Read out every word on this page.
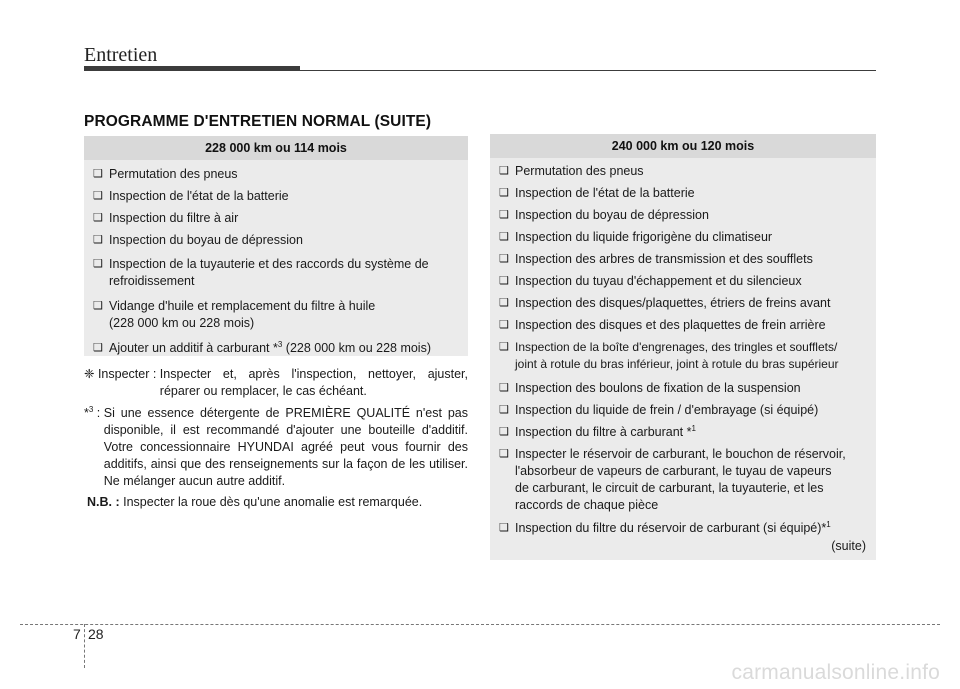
Entretien
PROGRAMME D'ENTRETIEN NORMAL (SUITE)
228 000 km ou 114 mois
❑ Permutation des pneus
❑ Inspection de l'état de la batterie
❑ Inspection du filtre à air
❑ Inspection du boyau de dépression
❑ Inspection de la tuyauterie et des raccords du système de
refroidissement
❑ Vidange d'huile et remplacement du filtre à huile
(228 000 km ou 228 mois)
❑ Ajouter un additif à carburant *$^3$ (228 000 km ou 228 mois)
❈ Inspecter : Inspecter et, après l'inspection, nettoyer, ajuster, réparer ou remplacer, le cas échéant.
*$^3$ : Si une essence détergente de PREMIÈRE QUALITÉ n'est pas disponible, il est recommandé d'ajouter une bouteille d'additif. Votre concessionnaire HYUNDAI agréé peut vous fournir des additifs, ainsi que des renseignements sur la façon de les utiliser. Ne mélanger aucun autre additif.
N.B. : Inspecter la roue dès qu'une anomalie est remarquée.
240 000 km ou 120 mois
❑ Permutation des pneus
❑ Inspection de l'état de la batterie
❑ Inspection du boyau de dépression
❑ Inspection du liquide frigorigène du climatiseur
❑ Inspection des arbres de transmission et des soufflets
❑ Inspection du tuyau d'échappement et du silencieux
❑ Inspection des disques/plaquettes, étriers de freins avant
❑ Inspection des disques et des plaquettes de frein arrière
❑ Inspection de la boîte d'engrenages, des tringles et soufflets/
joint à rotule du bras inférieur, joint à rotule du bras supérieur
❑ Inspection des boulons de fixation de la suspension
❑ Inspection du liquide de frein / d'embrayage (si équipé)
❑ Inspection du filtre à carburant *$^1$
❑ Inspecter le réservoir de carburant, le bouchon de réservoir,
l'absorbeur de vapeurs de carburant, le tuyau de vapeurs
de carburant, le circuit de carburant, la tuyauterie, et les
raccords de chaque pièce
❑ Inspection du filtre du réservoir de carburant (si équipé)*$^1$
(suite)
7 28
carmanualsonline.info
